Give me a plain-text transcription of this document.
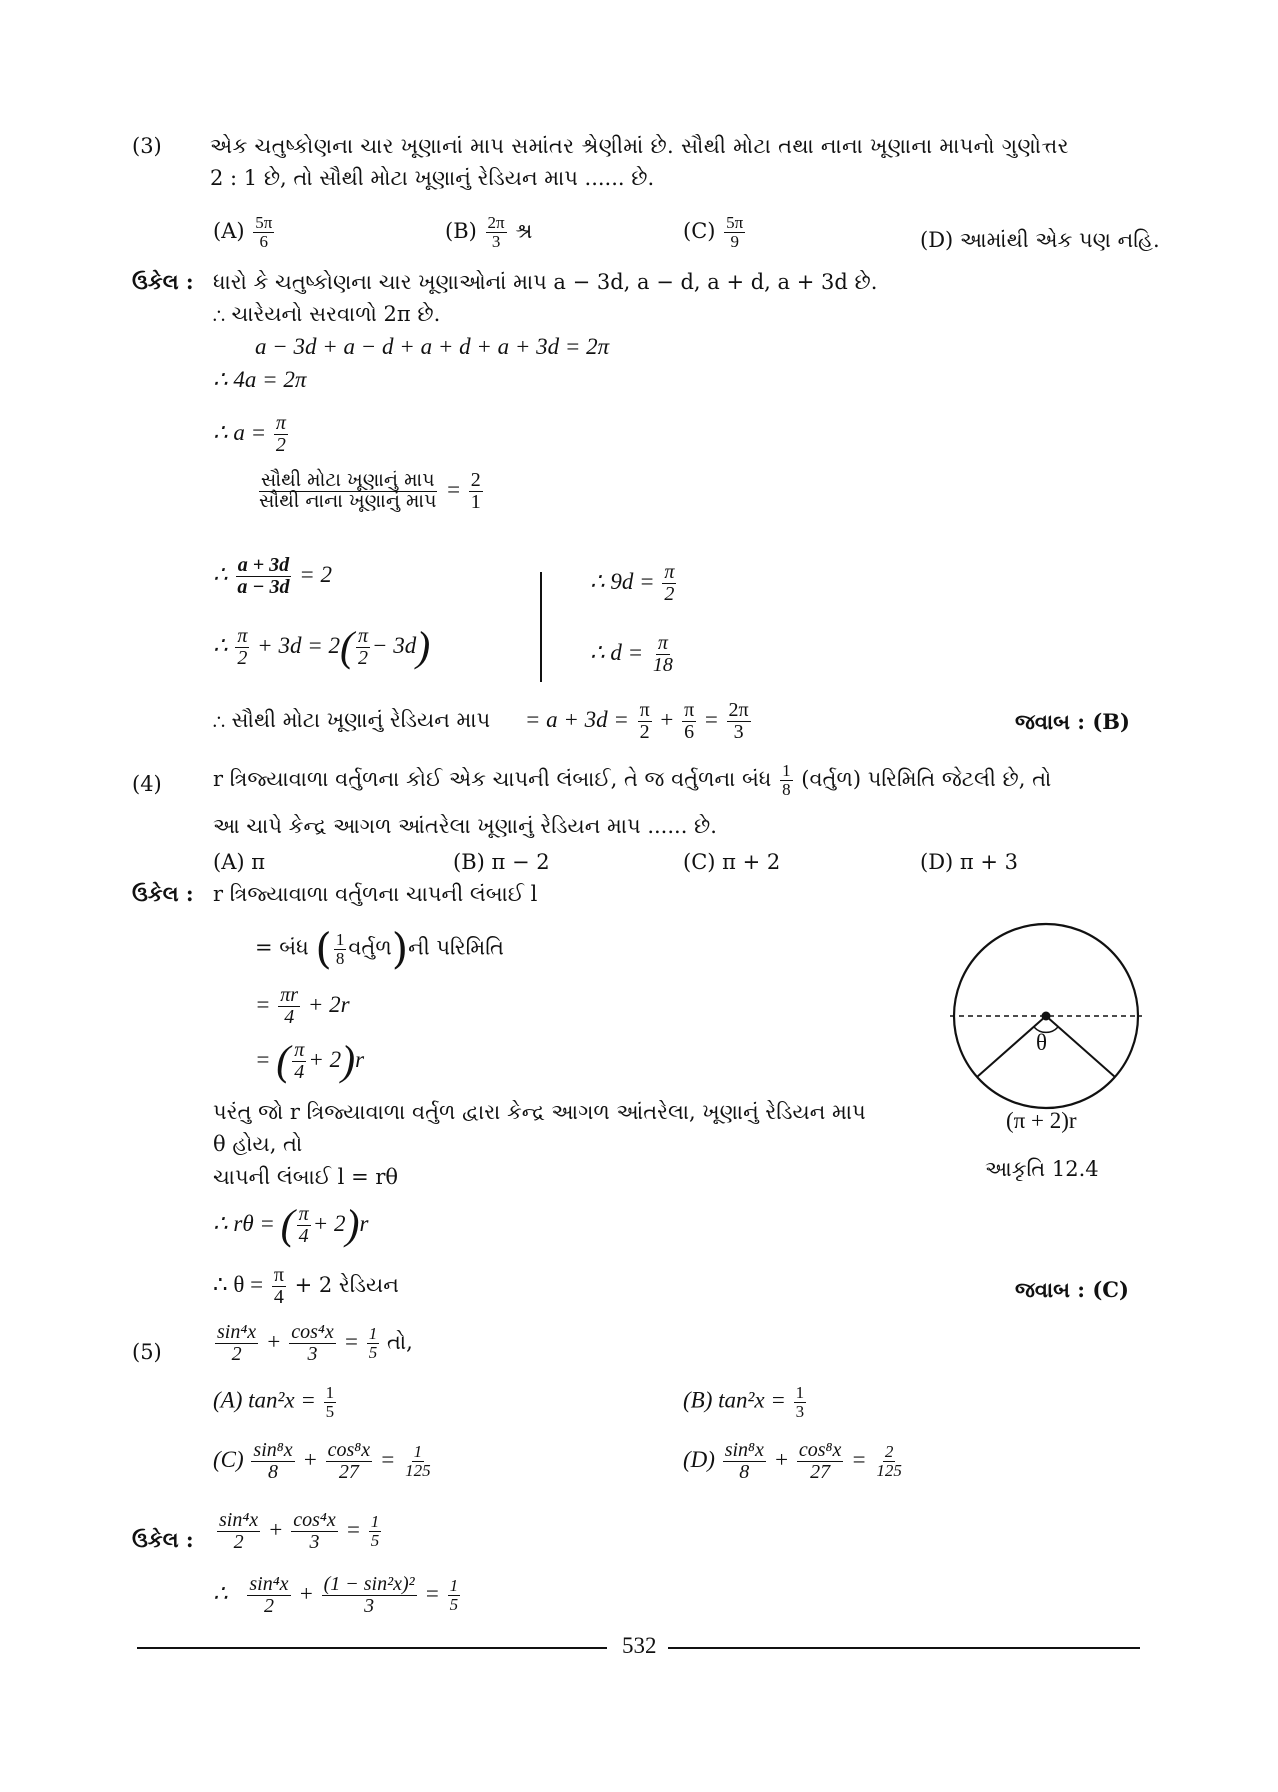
(3) એક ચતુષ્કોણના ચાર ખૂણાનાં માપ સમાંતર શ્રેણીમાં છે. સૌથી મોટા તથા નાના ખૂણાના માપનો ગુણોત્તર
2 : 1 છે, તો સૌથી મોટા ખૂણાનું રેડિયન માપ ...... છે.
$(A) \frac{5\pi}{6}$	$(B) \frac{2\pi}{3}$ શ્ર	$(C) \frac{5\pi}{9}$	(D) આમાંથી એક પણ નહિ.
ઉકેલ : ધારો કે ચતુષ્કોણના ચાર ખૂણાઓનાં માપ a − 3d, a − d, a + d, a + 3d છે.
∴ ચારેયનો સરવાળો 2π છે.
a − 3d + a − d + a + d + a + 3d = 2π
∴ 4a = 2π
∴ $a = \frac{\pi}{2}$
$\frac{\text{સૌથી મોટા ખૂણાનું માપ}}{\text{સૌથી નાના ખૂણાનું માપ}} = \frac{2}{1}$
∴ $\frac{a + 3d}{a - 3d} = 2$
∴ $\frac{\pi}{2} + 3d = 2( \frac{\pi}{2} - 3d)$
∴ $9d = \frac{\pi}{2}$
∴ $d = \frac{\pi}{18}$
∴ સૌથી મોટા ખૂણાનું રેડિયન માપ = $a + 3d = \frac{\pi}{2} + \frac{\pi}{6} = \frac{2\pi}{3}$	જવાબ : (B)
(4) r ત્રિજ્યાવાળા વર્તુળના કોઈ એક ચાપની લંબાઈ, તે જ વર્તુળના બંધ $\frac{1}{8}$ (વર્તુળ) પરિમિતિ જેટલી છે, તો
આ ચાપે કેન્દ્ર આગળ આંતરેલા ખૂણાનું રેડિયન માપ ...... છે.
(A) π	(B) π − 2	(C) π + 2	(D) π + 3
ઉકેલ : r ત્રિજ્યાવાળા વર્તુળના ચાપની લંબાઈ l
= બંધ ( $\frac{1}{8}$ વર્તુળ)ની પરિમિતિ
= $\frac{\pi r}{4} + 2r$
= ( $\frac{\pi}{4} + 2)r$
પરંતુ જો r ત્રિજ્યાવાળા વર્તુળ દ્વારા કેન્દ્ર આગળ આંતરેલા, ખૂણાનું રેડિયન માપ
θ હોય, તો
ચાપની લંબાઈ l = rθ
∴ rθ = ( $\frac{\pi}{4} + 2)r$
∴ $\theta = \frac{\pi}{4} + 2$ રેડિયન	જવાબ : (C)
θ
(π + 2)r
આકૃતિ 12.4
(5)	$\frac{\text{sin⁴x}}{2} + \frac{\text{cos⁴x}}{3} = \frac{1}{5}$ તો,
(A) $\tan^2x = \frac{1}{5}$	(B) $\tan^2x = \frac{1}{3}$
$(C) \frac{\text{sin⁸x}}{8} + \frac{\text{cos⁸x}}{27} = \frac{1}{125}$	$(D) \frac{\text{sin⁸x}}{8} + \frac{\text{cos⁸x}}{27} = \frac{2}{125}$
ઉકેલ : $\frac{\text{sin⁴x}}{2} + \frac{\text{cos⁴x}}{3} = \frac{1}{5}$
∴ $\frac{\text{sin⁴x}}{2} + \frac{\text{(1 − sin²x)²}}{3} = \frac{1}{5}$
532
